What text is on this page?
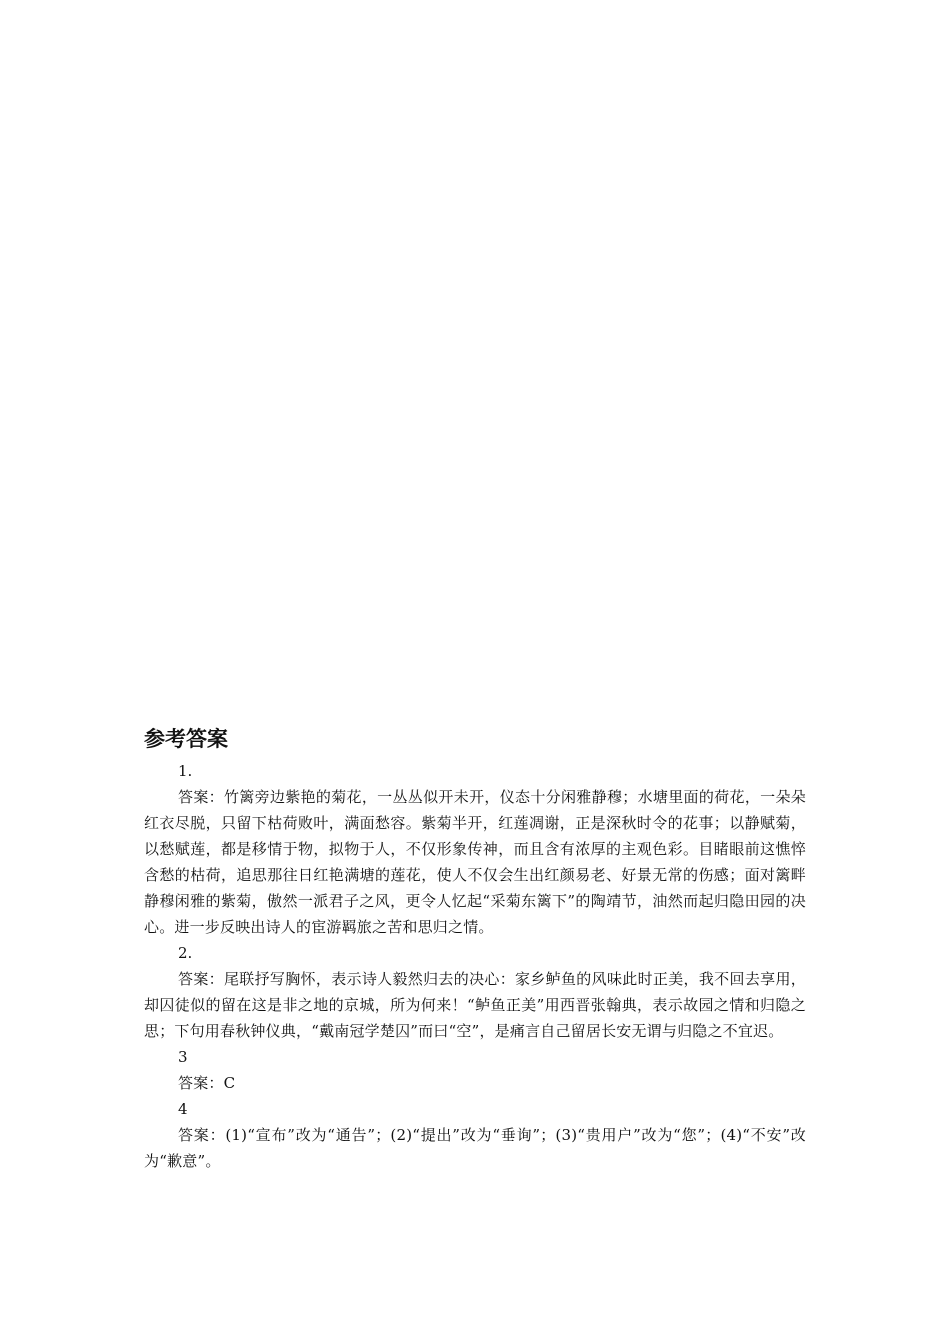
参考答案

1.

答案：竹篱旁边紫艳的菊花，一丛丛似开未开，仪态十分闲雅静穆；水塘里面的荷花，一朵朵红衣尽脱，只留下枯荷败叶，满面愁容。紫菊半开，红莲凋谢，正是深秋时令的花事；以静赋菊，以愁赋莲，都是移情于物，拟物于人，不仅形象传神，而且含有浓厚的主观色彩。目睹眼前这憔悴含愁的枯荷，追思那往日红艳满塘的莲花，使人不仅会生出红颜易老、好景无常的伤感；面对篱畔静穆闲雅的紫菊，傲然一派君子之风，更令人忆起“采菊东篱下”的陶靖节，油然而起归隐田园的决心。进一步反映出诗人的宦游羁旅之苦和思归之情。

2.

答案：尾联抒写胸怀，表示诗人毅然归去的决心：家乡鲈鱼的风味此时正美，我不回去享用，却囚徒似的留在这是非之地的京城，所为何来！“鲈鱼正美”用西晋张翰典，表示故园之情和归隐之思；下句用春秋钟仪典，“戴南冠学楚囚”而曰“空”，是痛言自己留居长安无谓与归隐之不宜迟。

3

答案：C

4

答案：(1)“宣布”改为“通告”；(2)“提出”改为“垂询”；(3)“贵用户”改为“您”；(4)“不安”改为“歉意”。
